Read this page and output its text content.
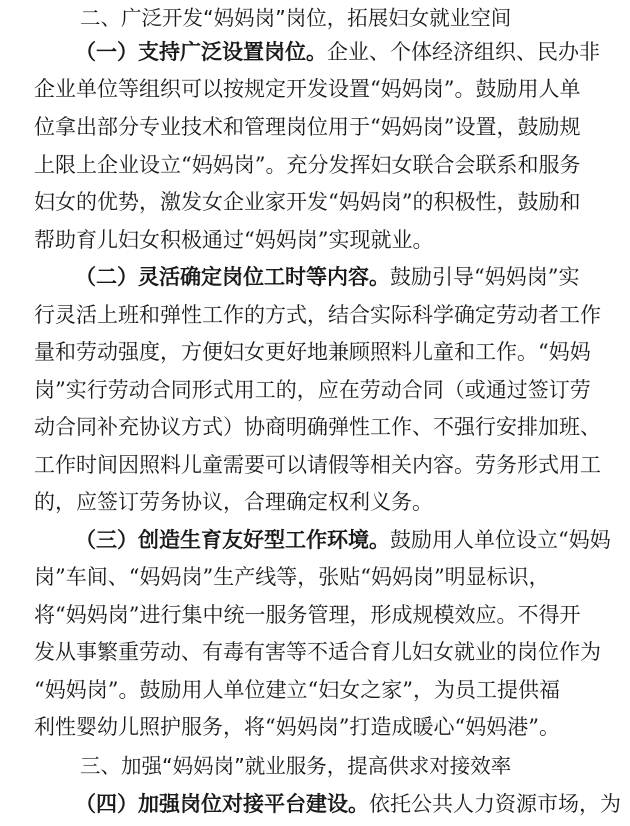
二、广泛开发“妈妈岗”岗位，拓展妇女就业空间
（一）支持广泛设置岗位。企业、个体经济组织、民办非
企业单位等组织可以按规定开发设置“妈妈岗”。鼓励用人单
位拿出部分专业技术和管理岗位用于“妈妈岗”设置，鼓励规
上限上企业设立“妈妈岗”。充分发挥妇女联合会联系和服务
妇女的优势，激发女企业家开发“妈妈岗”的积极性，鼓励和
帮助育儿妇女积极通过“妈妈岗”实现就业。
（二）灵活确定岗位工时等内容。鼓励引导“妈妈岗”实
行灵活上班和弹性工作的方式，结合实际科学确定劳动者工作
量和劳动强度，方便妇女更好地兼顾照料儿童和工作。“妈妈
岗”实行劳动合同形式用工的，应在劳动合同（或通过签订劳
动合同补充协议方式）协商明确弹性工作、不强行安排加班、
工作时间因照料儿童需要可以请假等相关内容。劳务形式用工
的，应签订劳务协议，合理确定权利义务。
（三）创造生育友好型工作环境。鼓励用人单位设立“妈妈
岗”车间、“妈妈岗”生产线等，张贴“妈妈岗”明显标识，
将“妈妈岗”进行集中统一服务管理，形成规模效应。不得开
发从事繁重劳动、有毒有害等不适合育儿妇女就业的岗位作为
“妈妈岗”。鼓励用人单位建立“妇女之家”，为员工提供福
利性婴幼儿照护服务，将“妈妈岗”打造成暖心“妈妈港”。
三、加强“妈妈岗”就业服务，提高供求对接效率
（四）加强岗位对接平台建设。依托公共人力资源市场，为
